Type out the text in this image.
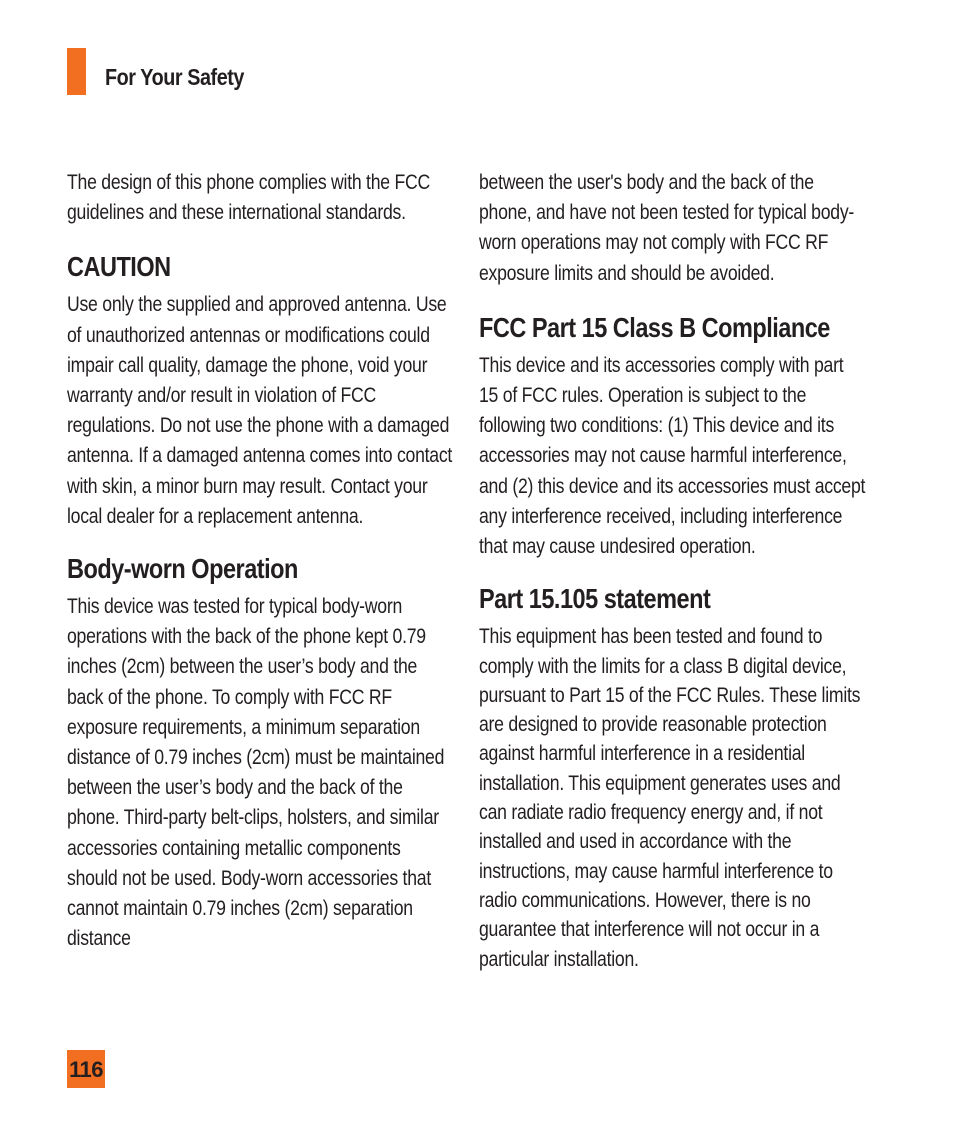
For Your Safety

The design of this phone complies with the FCC guidelines and these international standards.

CAUTION

Use only the supplied and approved antenna. Use of unauthorized antennas or modifications could impair call quality, damage the phone, void your warranty and/or result in violation of FCC regulations. Do not use the phone with a damaged antenna. If a damaged antenna comes into contact with skin, a minor burn may result. Contact your local dealer for a replacement antenna.

Body-worn Operation

This device was tested for typical body-worn operations with the back of the phone kept 0.79 inches (2cm) between the user’s body and the back of the phone. To comply with FCC RF exposure requirements, a minimum separation distance of 0.79 inches (2cm) must be maintained between the user’s body and the back of the phone. Third-party belt-clips, holsters, and similar accessories containing metallic components should not be used. Body-worn accessories that cannot maintain 0.79 inches (2cm) separation distance

between the user's body and the back of the phone, and have not been tested for typical body-worn operations may not comply with FCC RF exposure limits and should be avoided.

FCC Part 15 Class B Compliance

This device and its accessories comply with part 15 of FCC rules. Operation is subject to the following two conditions: (1) This device and its accessories may not cause harmful interference, and (2) this device and its accessories must accept any interference received, including interference that may cause undesired operation.

Part 15.105 statement

This equipment has been tested and found to comply with the limits for a class B digital device, pursuant to Part 15 of the FCC Rules. These limits are designed to provide reasonable protection against harmful interference in a residential installation. This equipment generates uses and can radiate radio frequency energy and, if not installed and used in accordance with the instructions, may cause harmful interference to radio communications. However, there is no guarantee that interference will not occur in a particular installation.

116
